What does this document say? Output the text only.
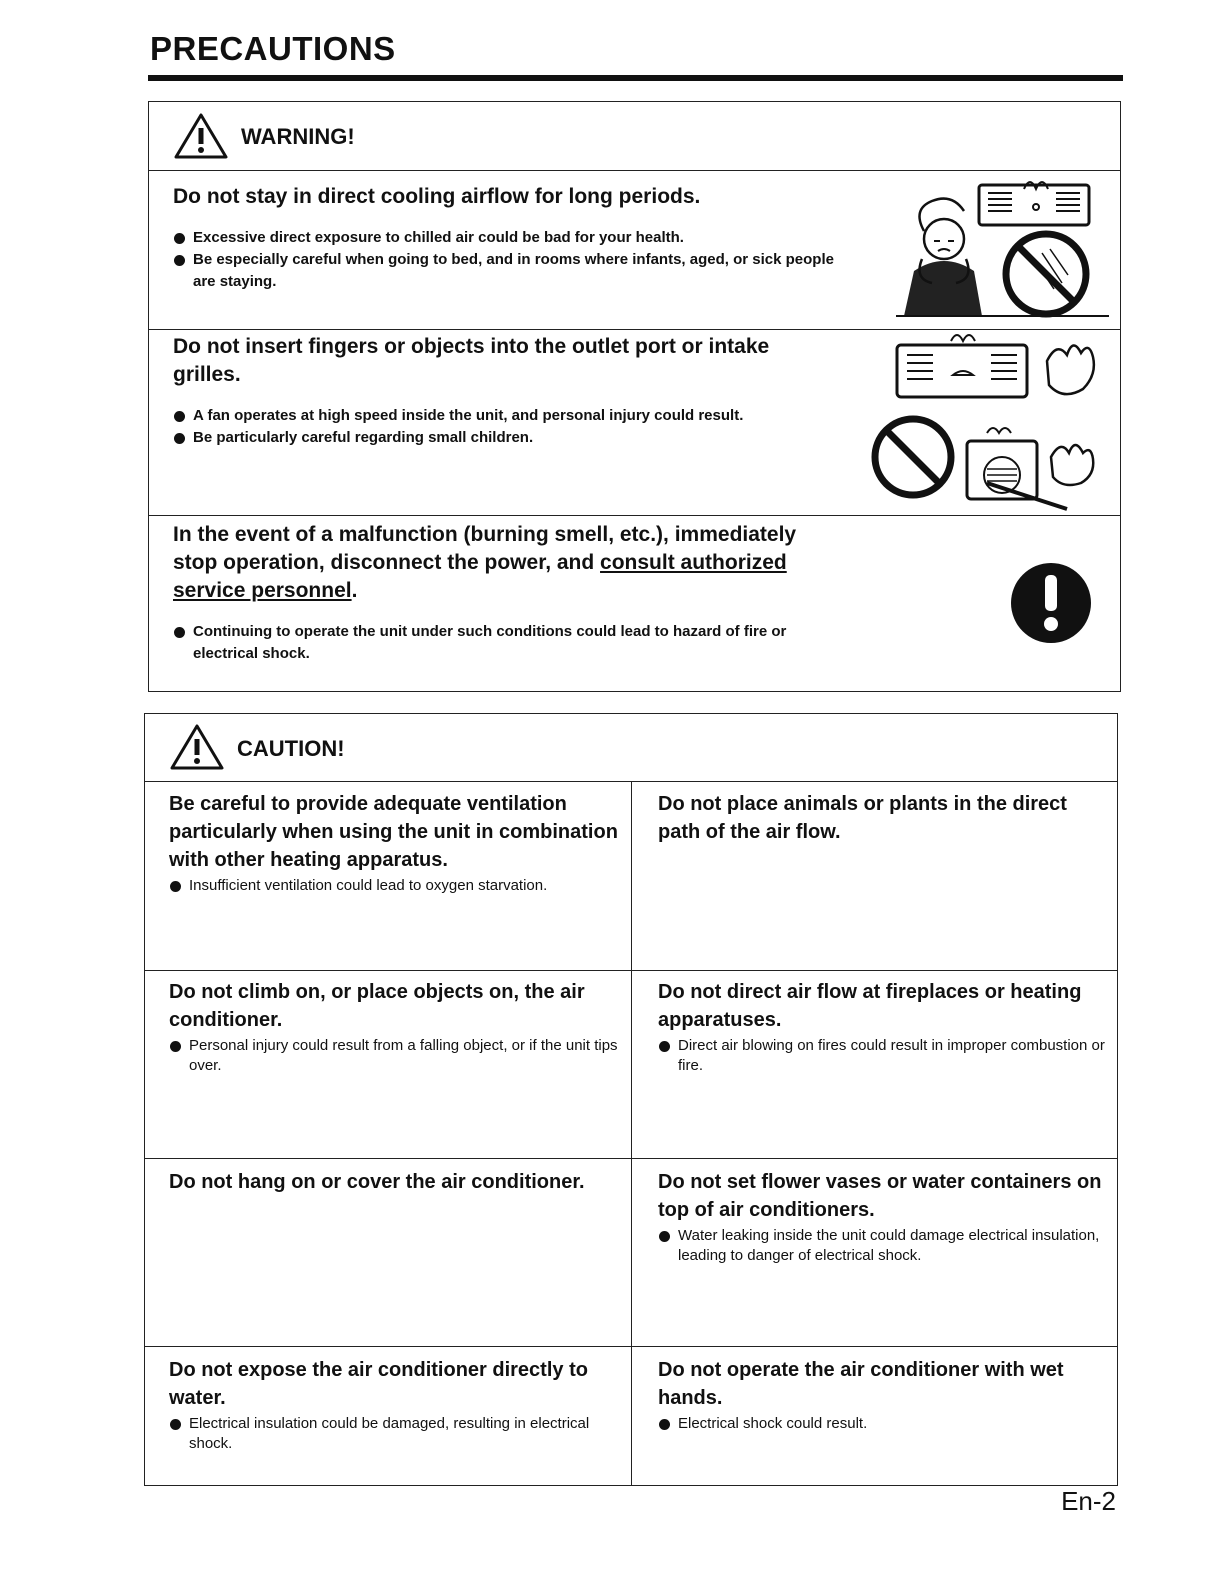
PRECAUTIONS
WARNING!
Do not stay in direct cooling airflow for long periods.
Excessive direct exposure to chilled air could be bad for your health.
Be especially careful when going to bed, and in rooms where infants, aged, or sick people are staying.
Do not insert fingers or objects into the outlet port or intake grilles.
A fan operates at high speed inside the unit, and personal injury could result.
Be particularly careful regarding small children.
In the event of a malfunction (burning smell, etc.), immediately stop operation, disconnect the power, and consult authorized service personnel.
Continuing to operate the unit under such conditions could lead to hazard of fire or electrical shock.
CAUTION!
Be careful to provide adequate ventilation particularly when using the unit in combination with other heating apparatus.
Insufficient ventilation could lead to oxygen starvation.
Do not place animals or plants in the direct path of the air flow.
Do not climb on, or place objects on, the air conditioner.
Personal injury could result from a falling object, or if the unit tips over.
Do not direct air flow at fireplaces or heating apparatuses.
Direct air blowing on fires could result in improper combustion or fire.
Do not hang on or cover the air conditioner.	Do not set flower vases or water containers on top of air conditioners.
Water leaking inside the unit could damage electrical insulation, leading to danger of electrical shock.
Do not expose the air conditioner directly to water.
Electrical insulation could be damaged, resulting in electrical shock.
Do not operate the air conditioner with wet hands.
Electrical shock could result.
En-2
